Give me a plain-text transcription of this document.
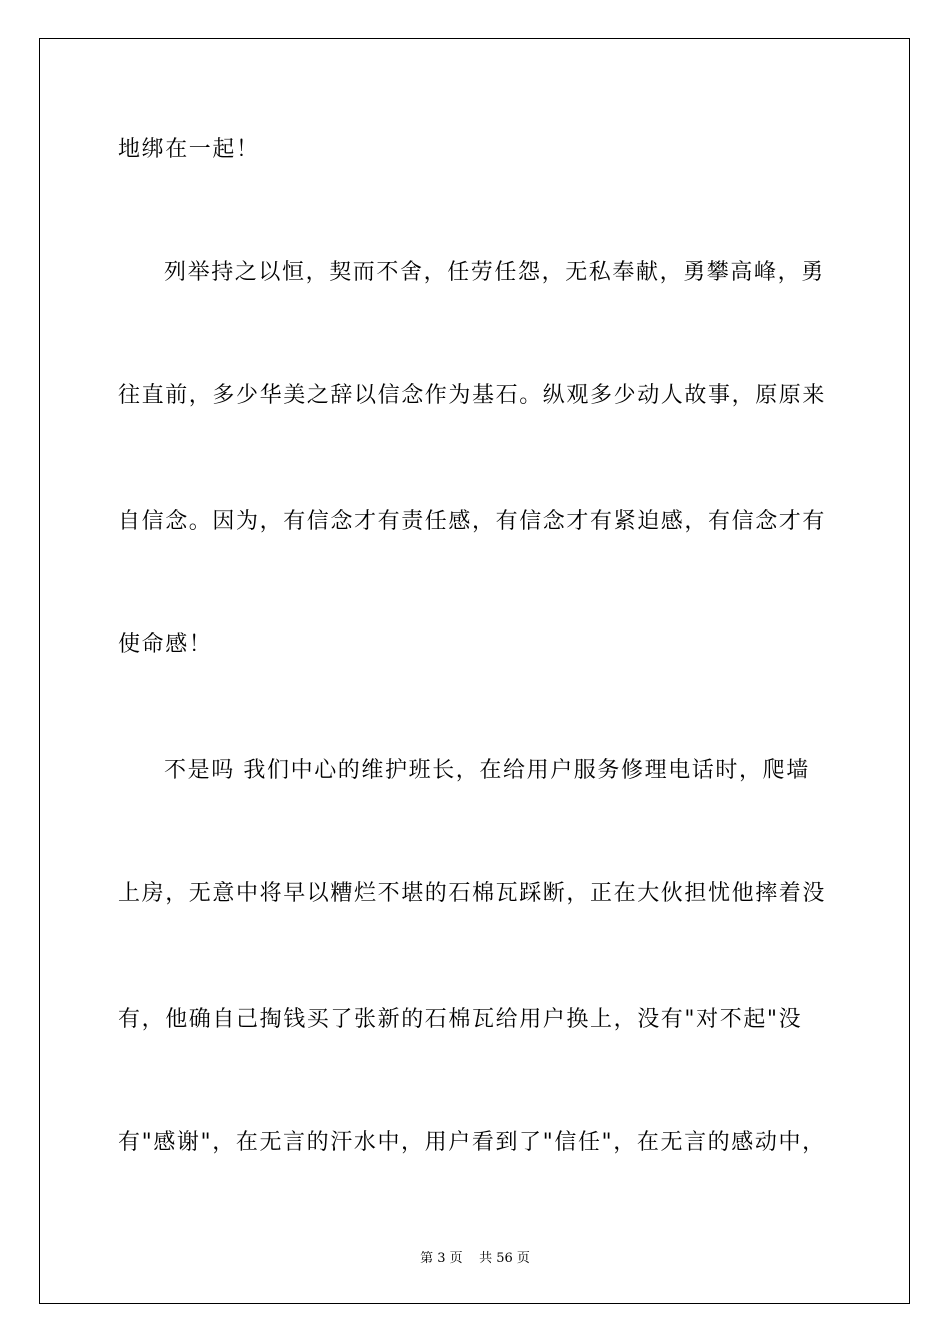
地绑在一起！
列举持之以恒，契而不舍，任劳任怨，无私奉献，勇攀高峰，勇
往直前，多少华美之辞以信念作为基石。纵观多少动人故事，原原来
自信念。因为，有信念才有责任感，有信念才有紧迫感，有信念才有
使命感！
不是吗 我们中心的维护班长，在给用户服务修理电话时，爬墙
上房，无意中将早以糟烂不堪的石棉瓦踩断，正在大伙担忧他摔着没
有，他确自己掏钱买了张新的石棉瓦给用户换上，没有"对不起"没
有"感谢"，在无言的汗水中，用户看到了"信任"，在无言的感动中，
第 3 页    共 56 页
